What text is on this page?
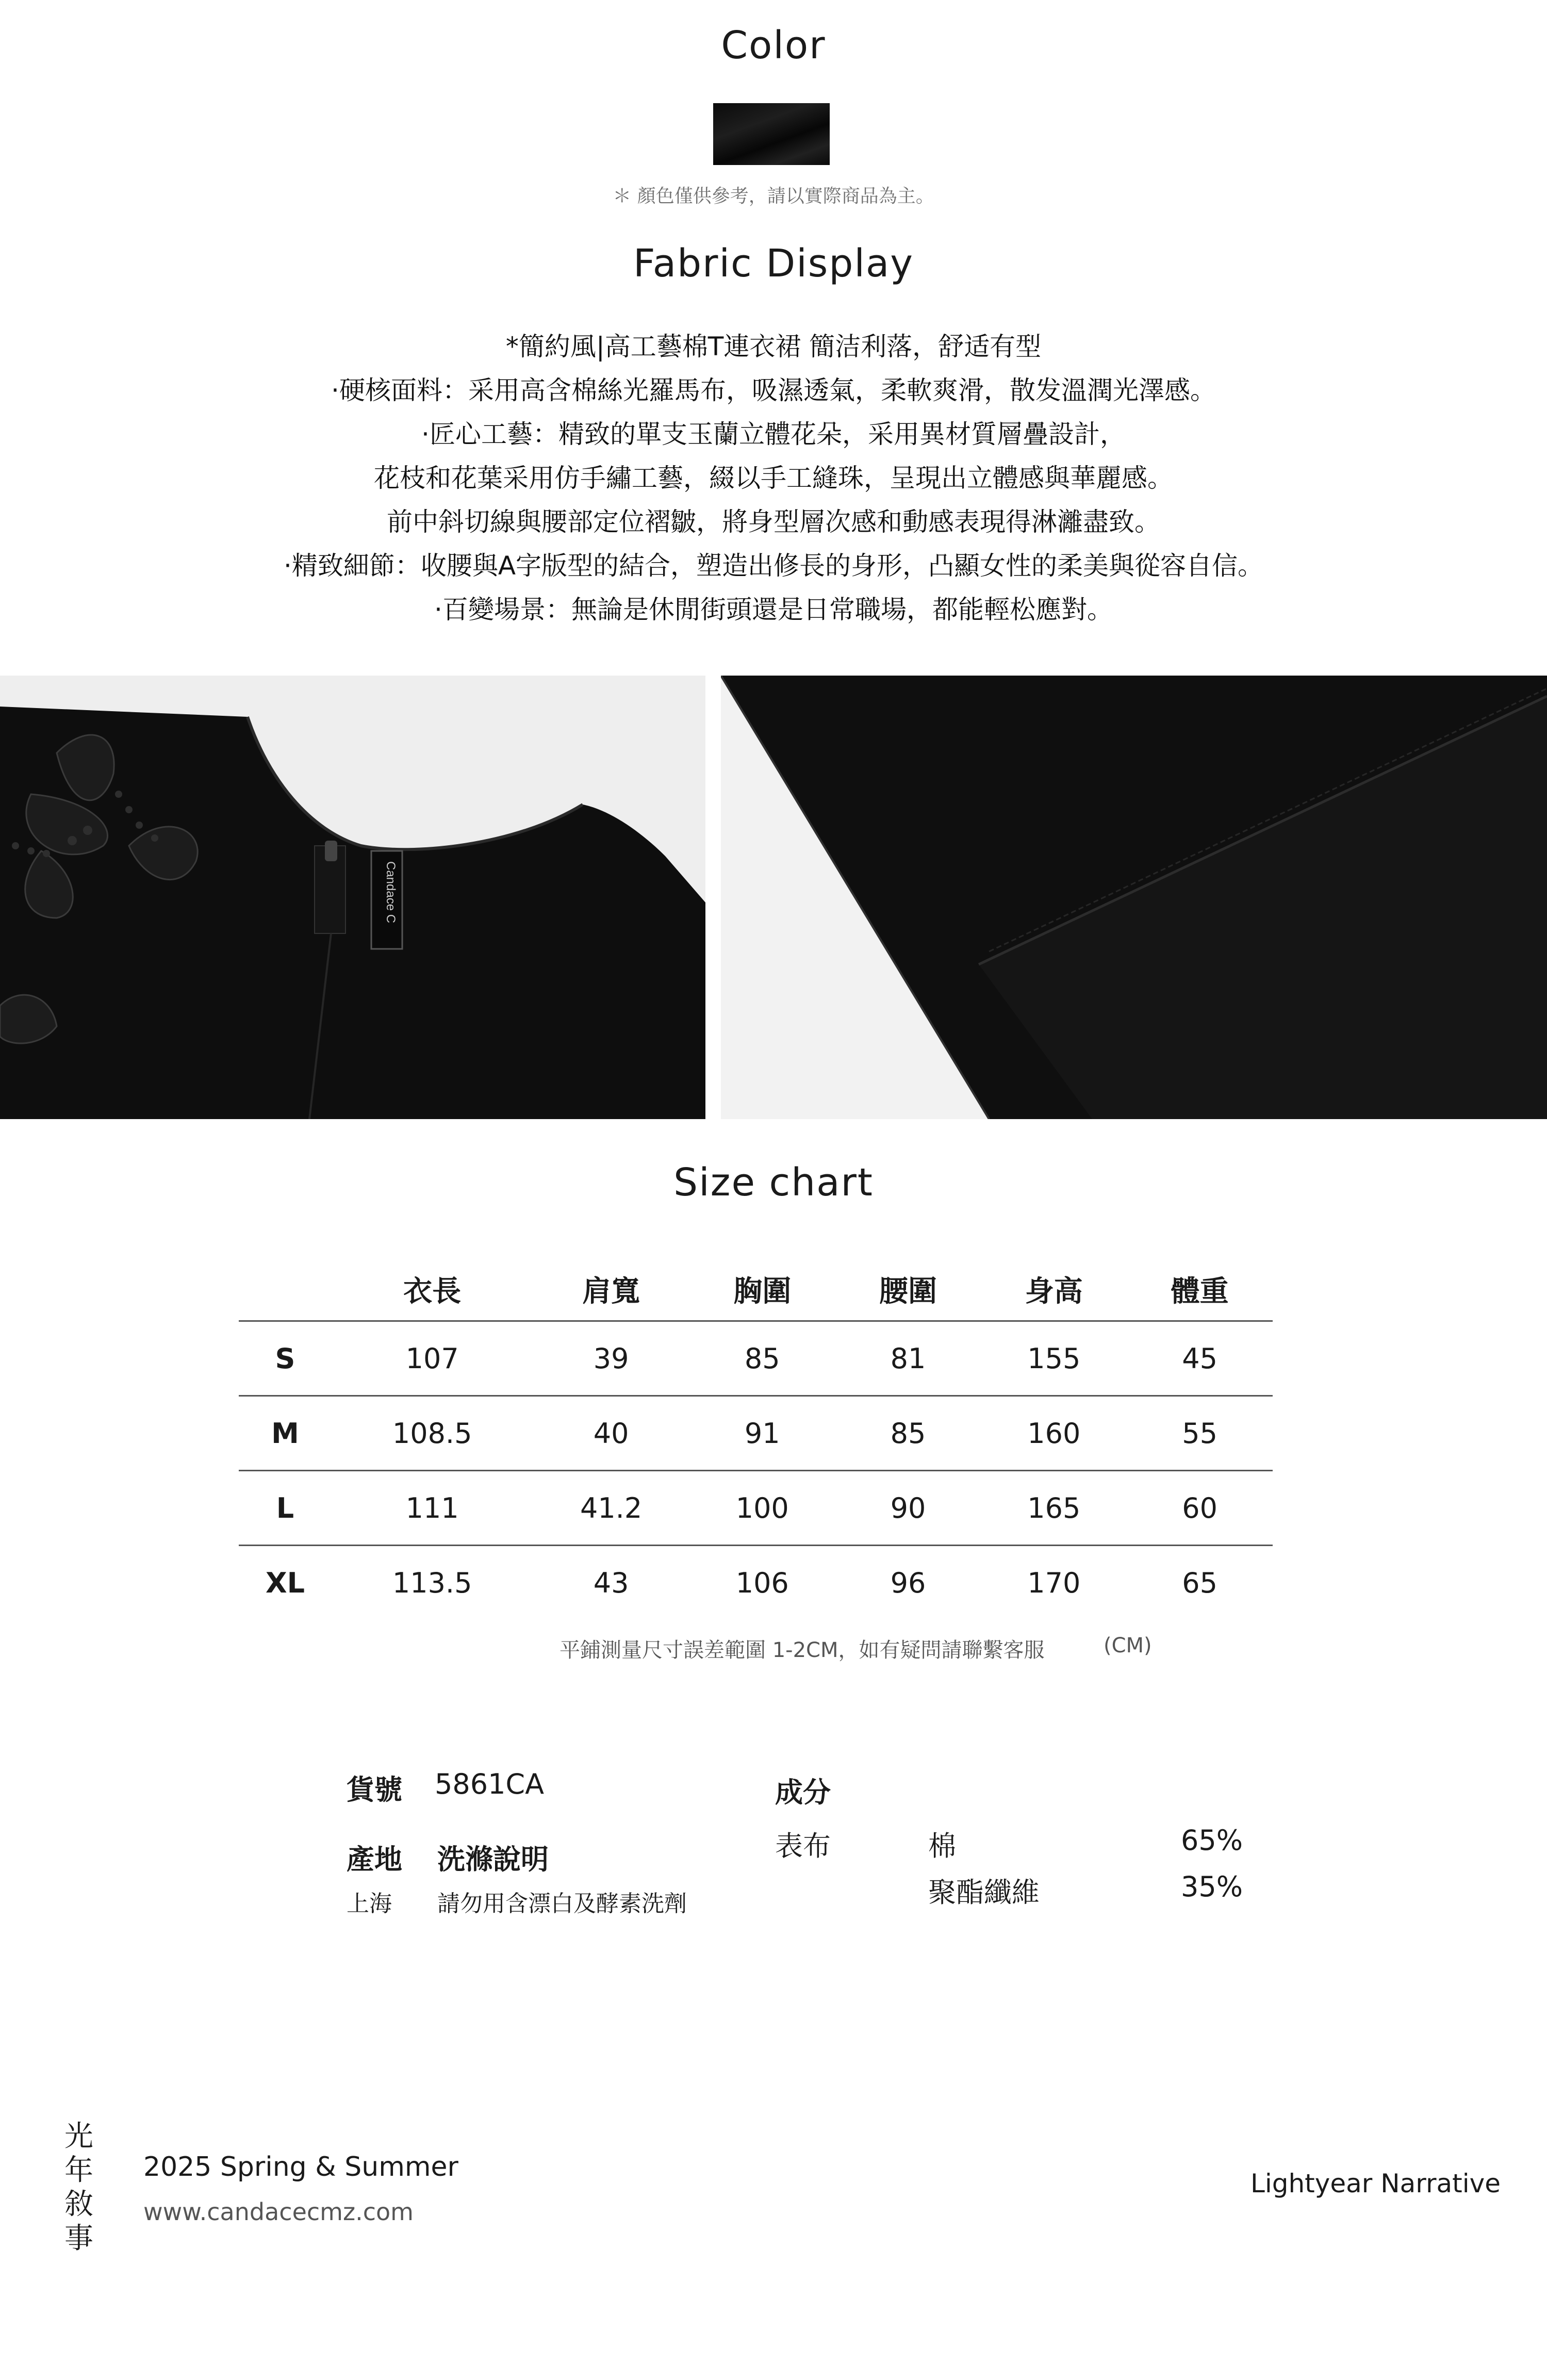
Color
＊ 顏色僅供參考，請以實際商品為主。
Fabric Display
*簡約風|高工藝棉T連衣裙 簡洁利落，舒适有型
·硬核面料：采用高含棉絲光羅馬布，吸濕透氣，柔軟爽滑，散发溫潤光澤感。
·匠心工藝：精致的單支玉蘭立體花朵，采用異材質層疊設計，
花枝和花葉采用仿手繡工藝，綴以手工縫珠，呈現出立體感與華麗感。
前中斜切線與腰部定位褶皺，將身型層次感和動感表現得淋灕盡致。
·精致細節：收腰與A字版型的結合，塑造出修長的身形，凸顯女性的柔美與從容自信。
·百變場景：無論是休閒街頭還是日常職場，都能輕松應對。
Candace C
Size chart
	衣長	肩寬	胸圍	腰圍	身高	體重
S	107	39	85	81	155	45
M	108.5	40	91	85	160	55
L	111	41.2	100	90	165	60
XL	113.5	43	106	96	170	65
平鋪測量尺寸誤差範圍 1-2CM，如有疑問請聯繫客服	(CM)
貨號 5861CA
產地 洗滌說明
上海 請勿用含漂白及酵素洗劑
成分
表布	棉	65%
聚酯纖維	35%
光年敘事
2025 Spring & Summer
www.candacecmz.com
Lightyear Narrative
